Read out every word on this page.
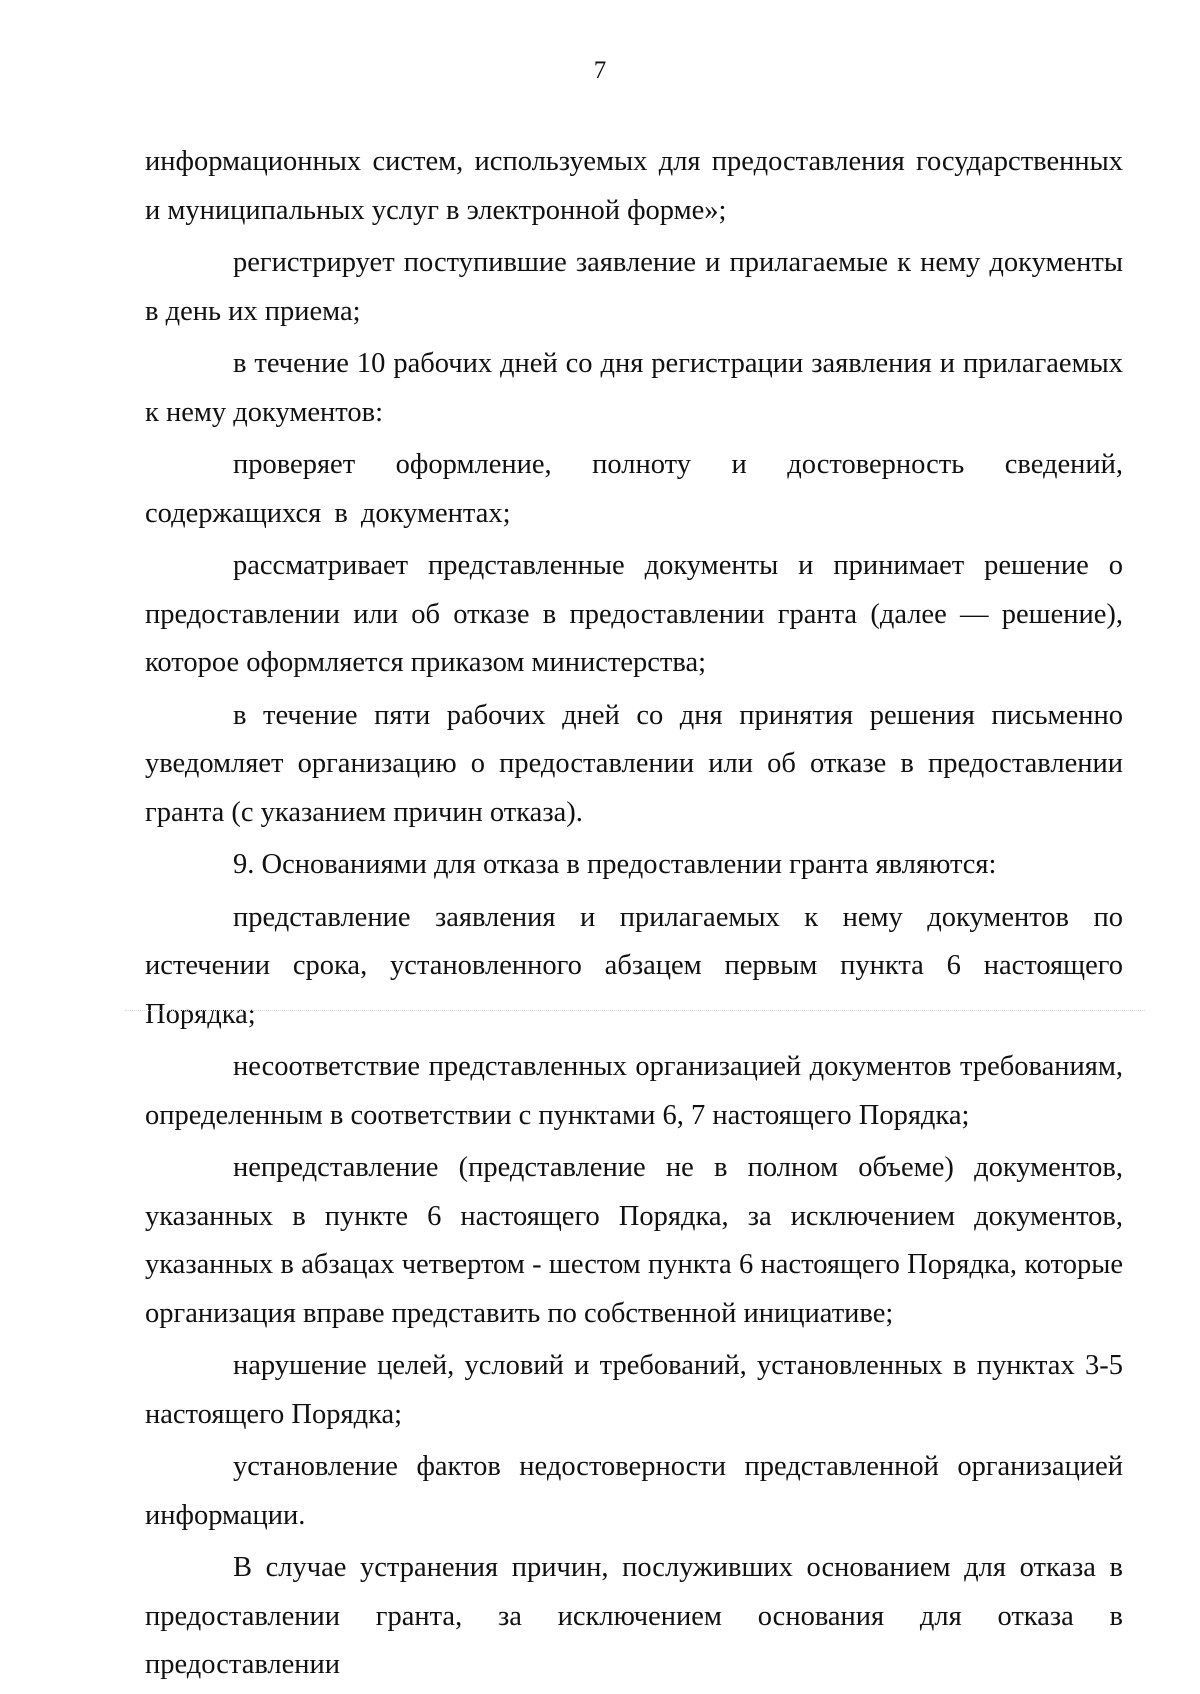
7

информационных систем, используемых для предоставления государственных и муниципальных услуг в электронной форме»;

регистрирует поступившие заявление и прилагаемые к нему документы в день их приема;

в течение 10 рабочих дней со дня регистрации заявления и прилагаемых к нему документов:

проверяет оформление, полноту и достоверность сведений, содержащихся в документах;

рассматривает представленные документы и принимает решение о предоставлении или об отказе в предоставлении гранта (далее — решение), которое оформляется приказом министерства;

в течение пяти рабочих дней со дня принятия решения письменно уведомляет организацию о предоставлении или об отказе в предоставлении гранта (с указанием причин отказа).

9. Основаниями для отказа в предоставлении гранта являются:

представление заявления и прилагаемых к нему документов по истечении срока, установленного абзацем первым пункта 6 настоящего Порядка;

несоответствие представленных организацией документов требованиям, определенным в соответствии с пунктами 6, 7 настоящего Порядка;

непредставление (представление не в полном объеме) документов, указанных в пункте 6 настоящего Порядка, за исключением документов, указанных в абзацах четвертом - шестом пункта 6 настоящего Порядка, которые организация вправе представить по собственной инициативе;

нарушение целей, условий и требований, установленных в пунктах 3-5 настоящего Порядка;

установление фактов недостоверности представленной организацией информации.

В случае устранения причин, послуживших основанием для отказа в предоставлении гранта, за исключением основания для отказа в предоставлении
